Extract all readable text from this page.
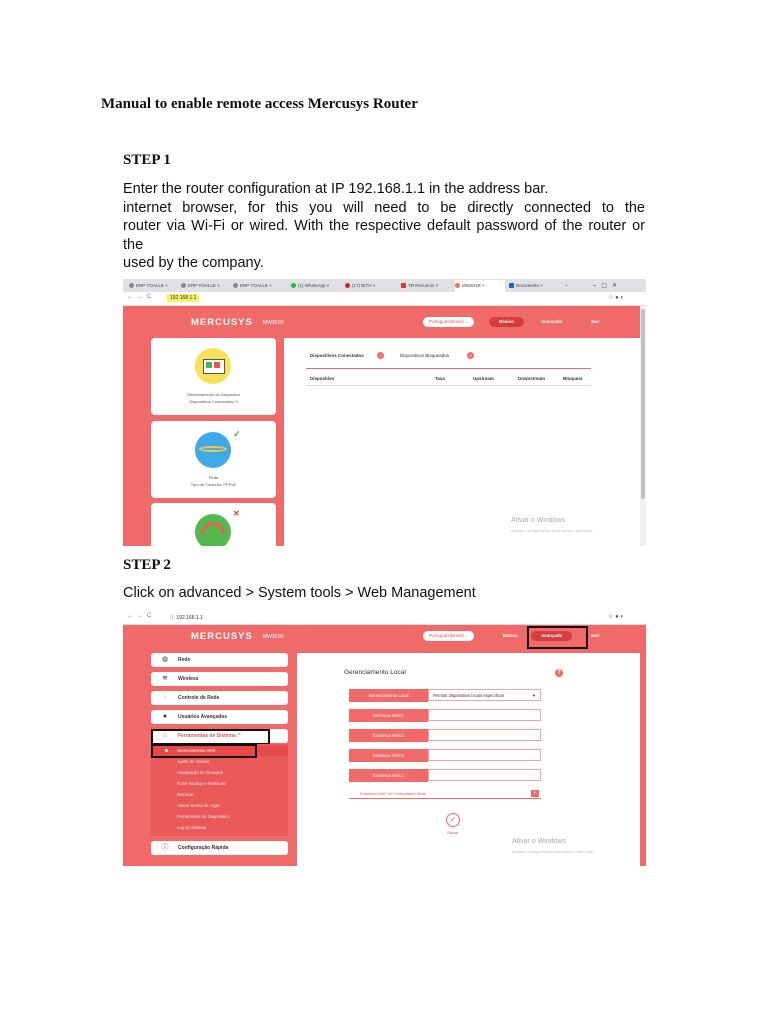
Manual to enable remote access Mercusys Router
STEP 1
Enter the router configuration at IP 192.168.1.1 in the address bar.
internet browser, for this you will need to be directly connected to the
router via Wi-Fi or wired. With the respective default password of the router or the
used by the company.
ERP YOALLE ×	ERP YOALLE ×	ERP YOALLE ×	(1) WhatsApp ×	(17) BITH ×	TR Recursos ×	MW301R ×	Documento ×	+	–   ▢   ✕
← → C	192.168.1.1	☆ ● ◐
MERCUSYS MW301R	Português(Brasil) ⌵	Básico	Avançado	Sair
Gerenciamento do Dispositivo
Dispositivos Conectados: 0
✓
Rede
Tipo de Conexão: PPPoE
✕
Dispositivos Conectados	0	Dispositivos Bloqueados	0
Dispositivo	Taxa	Upstream	Downstream	Bloquear
Ativar o Windows
Acesse Configurações para ativar o Windows.
STEP 2
Click on advanced > System tools > Web Management
← → C	ⓘ 192.168.1.1	☆ ● ◐
MERCUSYS MW301R	Português(Brasil) ⌵	Básico	Avançado	Sair
◍ Rede
≋ Wireless
⫶	Controle de Rede
●	Usuários Avançados
⌂	Ferramentas de Sistema ⌃
Gerenciamento Web
Ajuste de Horário
Atualização do Firmware
Fazer Backup e Restaurar
Reiniciar
Alterar Senha de Login
Ferramentas de Diagnóstico
Log do Sistema
ⓘ Configuração Rápida
Gerenciamento Local	?
Gerenciamento Local	Permitir dispositivos locais específicos	▼
Endereço MAC1
Endereço MAC2
Endereço MAC3
Endereço MAC4
Endereço MAC do Computador Atual	+
✓
Salvar
Ativar o Windows
Acesse Configurações para ativar o Windows.
